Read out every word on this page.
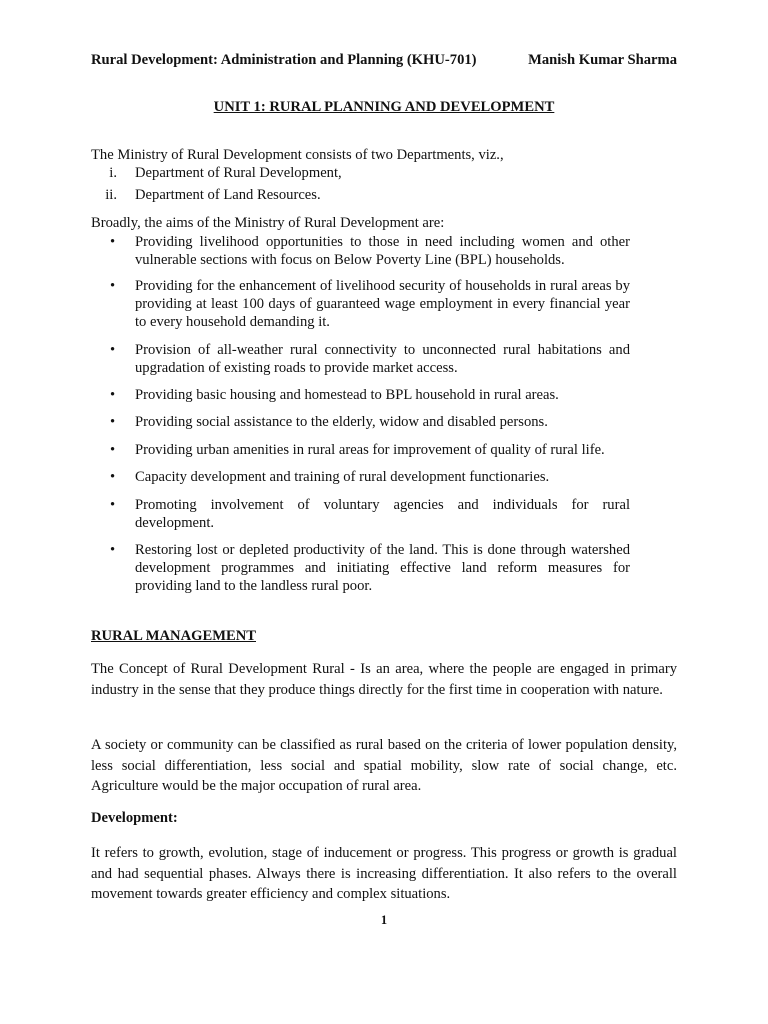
Rural Development: Administration and Planning (KHU-701)	Manish Kumar Sharma
UNIT 1: RURAL PLANNING AND DEVELOPMENT
The Ministry of Rural Development consists of two Departments, viz.,
i. Department of Rural Development,
ii. Department of Land Resources.
Broadly, the aims of the Ministry of Rural Development are:
• Providing livelihood opportunities to those in need including women and other vulnerable sections with focus on Below Poverty Line (BPL) households.
• Providing for the enhancement of livelihood security of households in rural areas by providing at least 100 days of guaranteed wage employment in every financial year to every household demanding it.
• Provision of all-weather rural connectivity to unconnected rural habitations and upgradation of existing roads to provide market access.
• Providing basic housing and homestead to BPL household in rural areas.
• Providing social assistance to the elderly, widow and disabled persons.
• Providing urban amenities in rural areas for improvement of quality of rural life.
• Capacity development and training of rural development functionaries.
• Promoting involvement of voluntary agencies and individuals for rural development.
• Restoring lost or depleted productivity of the land. This is done through watershed development programmes and initiating effective land reform measures for providing land to the landless rural poor.
RURAL MANAGEMENT
The Concept of Rural Development Rural - Is an area, where the people are engaged in primary industry in the sense that they produce things directly for the first time in cooperation with nature.
A society or community can be classified as rural based on the criteria of lower population density, less social differentiation, less social and spatial mobility, slow rate of social change, etc. Agriculture would be the major occupation of rural area.
Development:
It refers to growth, evolution, stage of inducement or progress. This progress or growth is gradual and had sequential phases. Always there is increasing differentiation. It also refers to the overall movement towards greater efficiency and complex situations.
1
